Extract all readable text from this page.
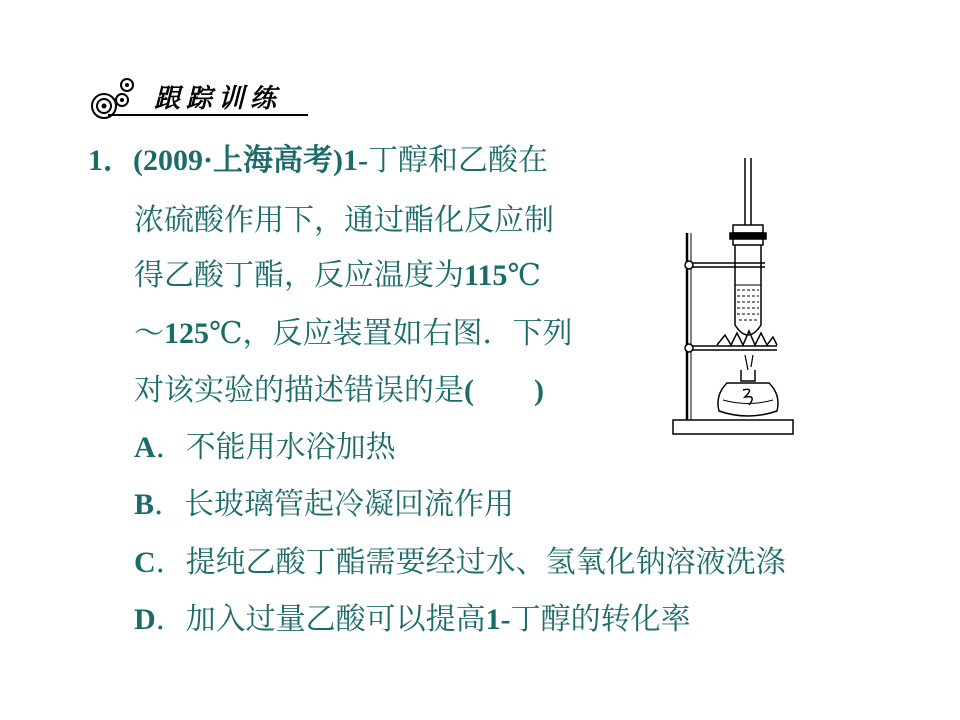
跟踪训练
1．(2009·上海高考)1-丁醇和乙酸在
浓硫酸作用下，通过酯化反应制
得乙酸丁酯，反应温度为115℃
～125℃，反应装置如右图．下列
对该实验的描述错误的是(　　)
A．不能用水浴加热
B．长玻璃管起冷凝回流作用
C．提纯乙酸丁酯需要经过水、氢氧化钠溶液洗涤
D．加入过量乙酸可以提高1-丁醇的转化率
